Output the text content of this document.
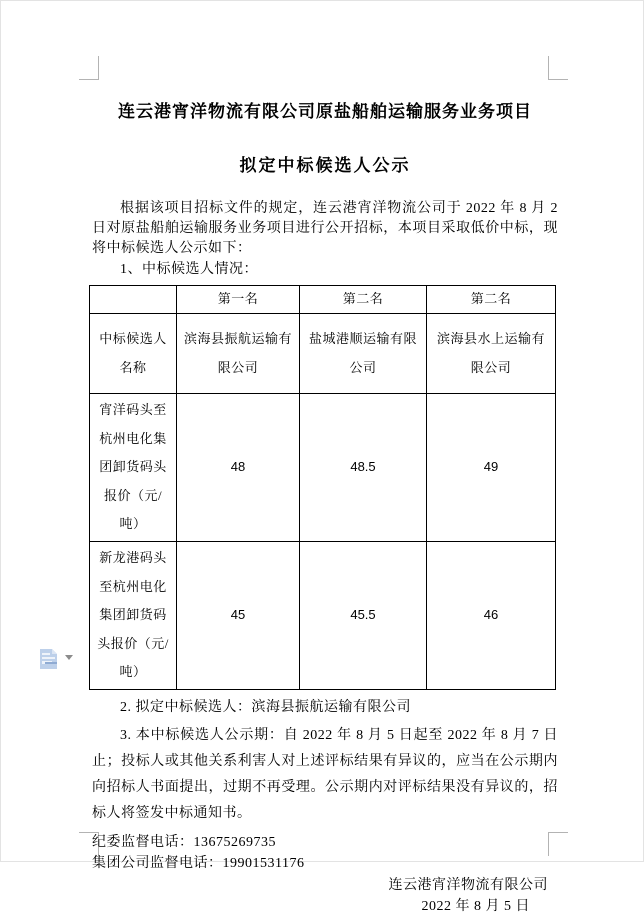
连云港宵洋物流有限公司原盐船舶运输服务业务项目
拟定中标候选人公示

根据该项目招标文件的规定，连云港宵洋物流公司于 2022 年 8 月 2 日对原盐船舶运输服务业务项目进行公开招标，本项目采取低价中标，现将中标候选人公示如下：

1、中标候选人情况：
	第一名	第二名	第二名
中标候选人名称	滨海县振航运输有限公司	盐城港顺运输有限公司	滨海县水上运输有限公司
宵洋码头至杭州电化集团卸货码头报价（元/吨）	48	48.5	49
新龙港码头至杭州电化集团卸货码头报价（元/吨）	45	45.5	46
2. 拟定中标候选人：滨海县振航运输有限公司

3. 本中标候选人公示期：自 2022 年 8 月 5 日起至 2022 年 8 月 7 日止；投标人或其他关系利害人对上述评标结果有异议的，应当在公示期内向招标人书面提出，过期不再受理。公示期内对评标结果没有异议的，招标人将签发中标通知书。

纪委监督电话：13675269735
集团公司监督电话：19901531176
连云港宵洋物流有限公司
2022 年 8 月 5 日
